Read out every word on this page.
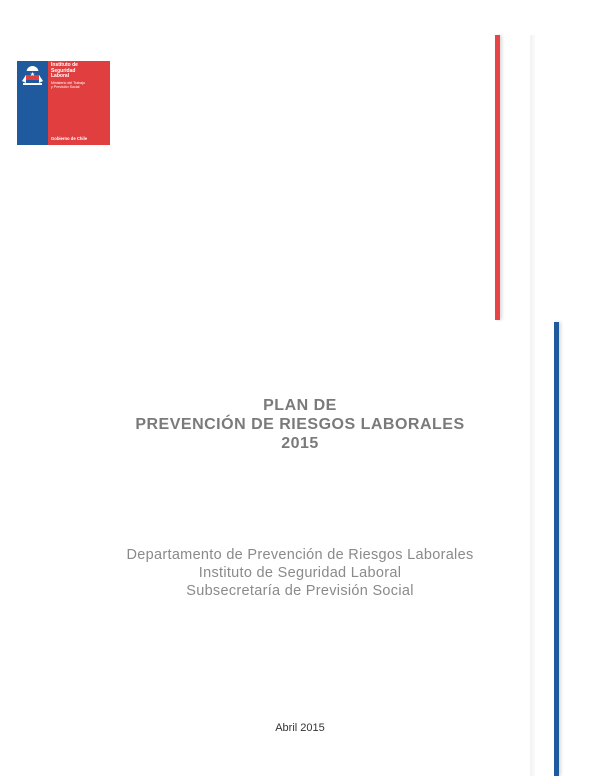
Instituto de
Seguridad
Laboral
Ministerio del Trabajo
y Previsión Social
Gobierno de Chile
PLAN DE
PREVENCIÓN DE RIESGOS LABORALES
2015
Departamento de Prevención de Riesgos Laborales
Instituto de Seguridad Laboral
Subsecretaría de Previsión Social
Abril 2015
